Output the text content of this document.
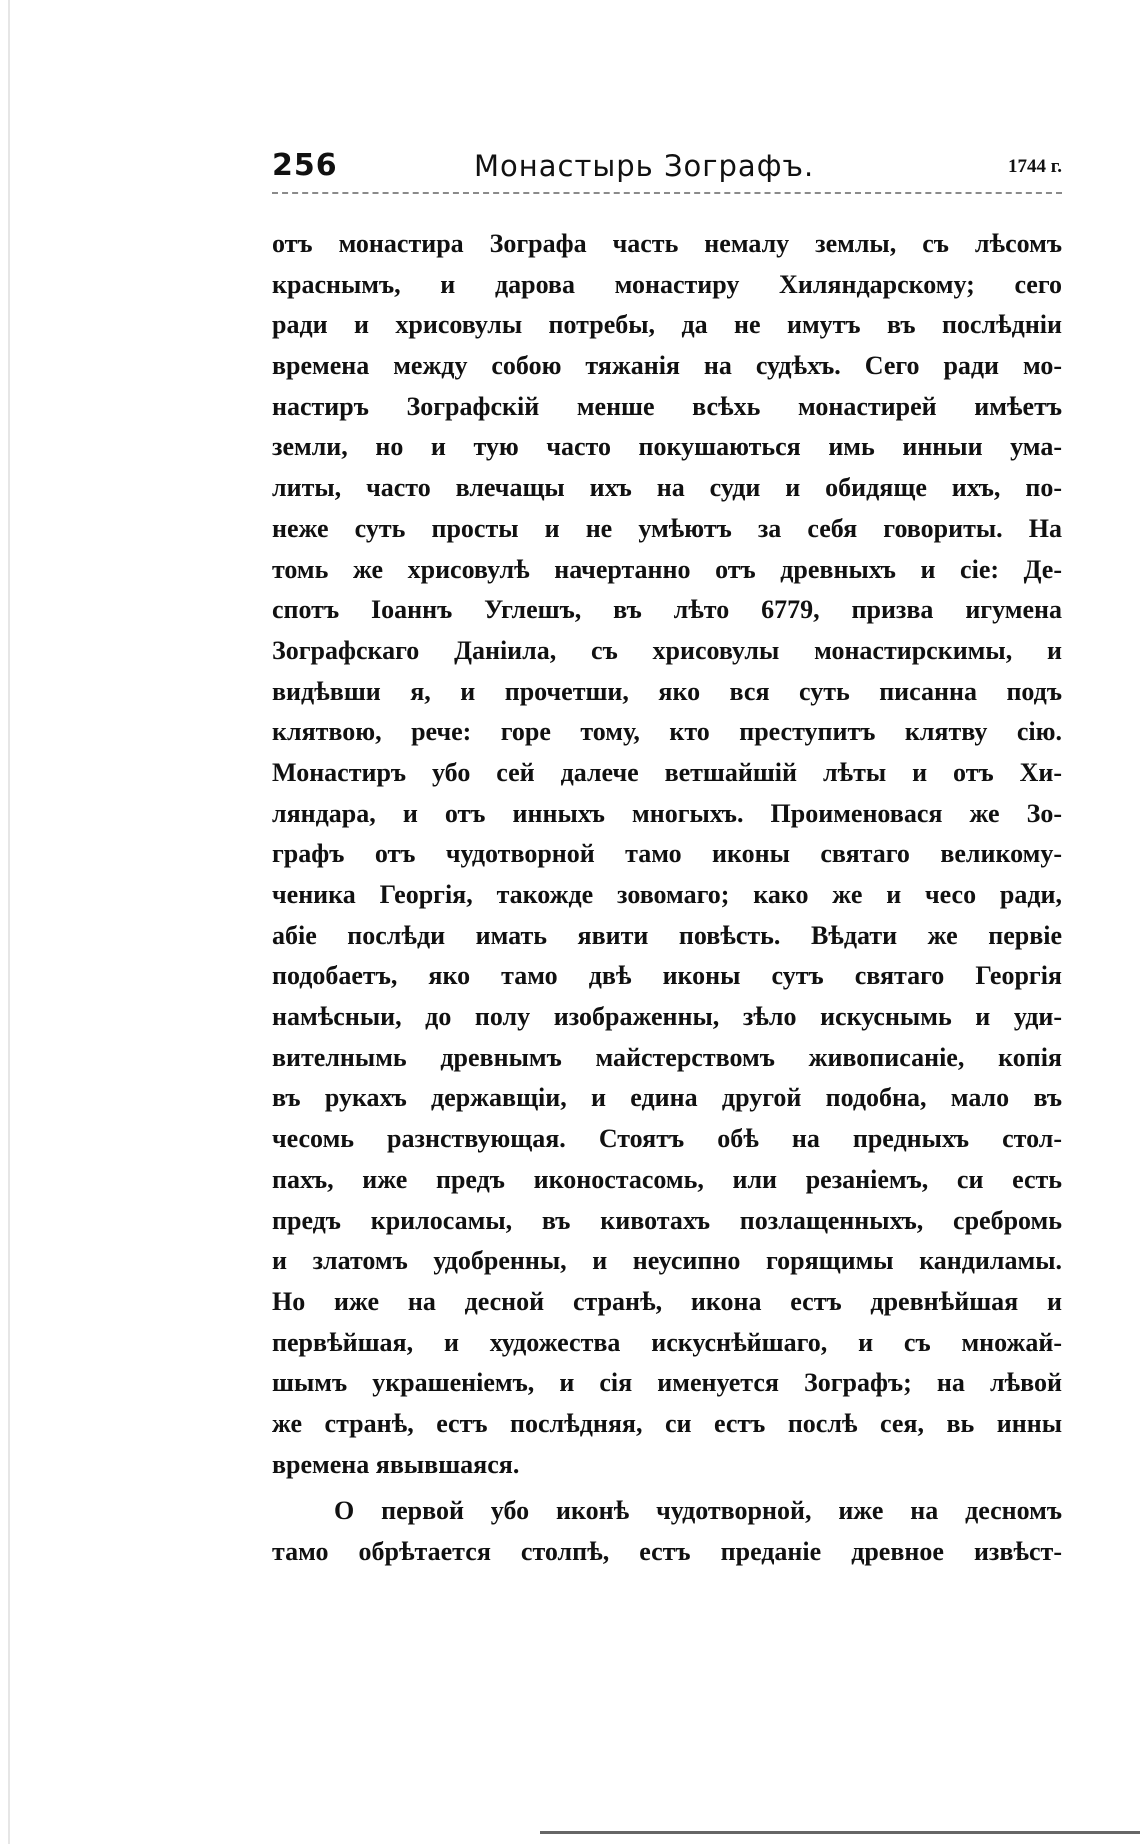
256	Монастырь Зографъ.	1744 г.
отъ монастира Зографа часть немалу землы, съ лѣсомъ
краснымъ, и дарова монастиру Хиляндарскому; сего
ради и хрисовулы потребы, да не имутъ въ послѣдніи
времена между собою тяжанія на судѣхъ. Сего ради мо-
настиръ Зографскій менше всѣхь монастирей имѣетъ
земли, но и тую часто покушаються имь инныи ума-
литы, часто влечащы ихъ на суди и обидяще ихъ, по-
неже суть просты и не умѣютъ за себя говориты. На
томь же хрисовулѣ начертанно отъ древныхъ и сіе: Де-
спотъ Іоаннъ Углешъ, въ лѣто 6779, призва игумена
Зографскаго Даніила, съ хрисовулы монастирскимы, и
видѣвши я, и прочетши, яко вся суть писанна подъ
клятвою, рече: горе тому, кто преступитъ клятву сію.
Монастиръ убо сей далече ветшайшій лѣты и отъ Хи-
ляндара, и отъ инныхъ многыхъ. Проименовася же Зо-
графъ отъ чудотворной тамо иконы святаго великому-
ченика Георгія, такожде зовомаго; како же и чесо ради,
абіе послѣди имать явити повѣсть. Вѣдати же первіе
подобаетъ, яко тамо двѣ иконы сутъ святаго Георгія
намѣсныи, до полу изображенны, зѣло искуснымь и уди-
вителнымь древнымъ майстерствомъ живописаніе, копія
въ рукахъ державщіи, и едина другой подобна, мало въ
чесомь разнствующая. Стоятъ обѣ на предныхъ стол-
пахъ, иже предъ иконостасомь, или резаніемъ, си есть
предъ крилосамы, въ кивотахъ позлащенныхъ, сребромь
и златомъ удобренны, и неусипно горящимы кандиламы.
Но иже на десной странѣ, икона естъ древнѣйшая и
первѣйшая, и художества искуснѣйшаго, и съ множай-
шымъ украшеніемъ, и сія именуется Зографъ; на лѣвой
же странѣ, естъ послѣдняя, си естъ послѣ сея, вь инны
времена явывшаяся.
О первой убо иконѣ чудотворной, иже на десномъ
тамо обрѣтается столпѣ, естъ преданіе древное извѣст-
